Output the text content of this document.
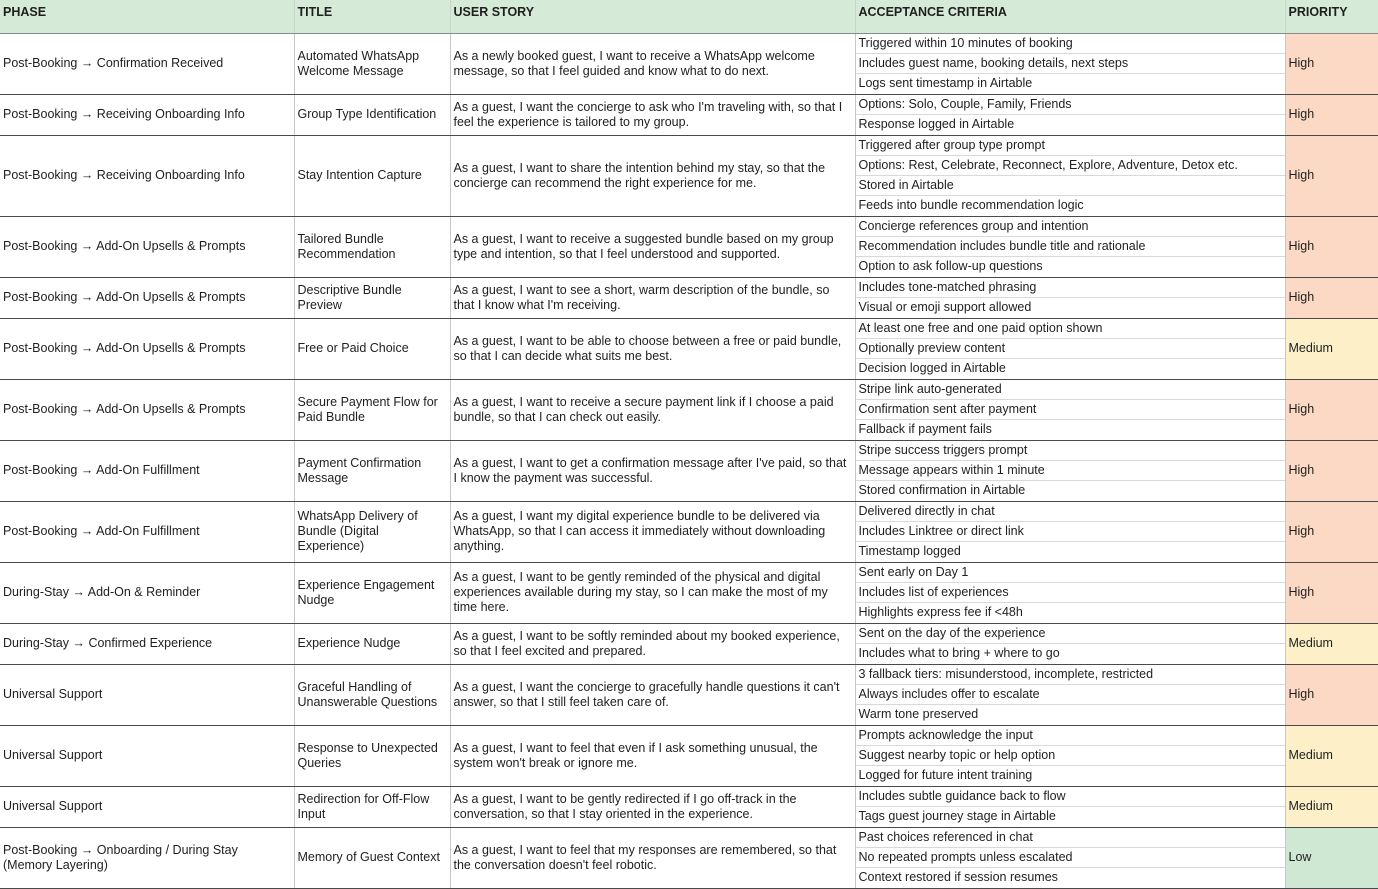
PHASE	TITLE	USER STORY	ACCEPTANCE CRITERIA	PRIORITY
Post-Booking → Confirmation Received	Automated WhatsApp Welcome Message	As a newly booked guest, I want to receive a WhatsApp welcome message, so that I feel guided and know what to do next.	Triggered within 10 minutes of booking
Includes guest name, booking details, next steps
Logs sent timestamp in Airtable	High
Post-Booking → Receiving Onboarding Info	Group Type Identification	As a guest, I want the concierge to ask who I'm traveling with, so that I feel the experience is tailored to my group.	Options: Solo, Couple, Family, Friends
Response logged in Airtable	High
Post-Booking → Receiving Onboarding Info	Stay Intention Capture	As a guest, I want to share the intention behind my stay, so that the concierge can recommend the right experience for me.	Triggered after group type prompt
Options: Rest, Celebrate, Reconnect, Explore, Adventure, Detox etc.
Stored in Airtable
Feeds into bundle recommendation logic	High
Post-Booking → Add-On Upsells & Prompts	Tailored Bundle Recommendation	As a guest, I want to receive a suggested bundle based on my group type and intention, so that I feel understood and supported.	Concierge references group and intention
Recommendation includes bundle title and rationale
Option to ask follow-up questions	High
Post-Booking → Add-On Upsells & Prompts	Descriptive Bundle Preview	As a guest, I want to see a short, warm description of the bundle, so that I know what I'm receiving.	Includes tone-matched phrasing
Visual or emoji support allowed	High
Post-Booking → Add-On Upsells & Prompts	Free or Paid Choice	As a guest, I want to be able to choose between a free or paid bundle, so that I can decide what suits me best.	At least one free and one paid option shown
Optionally preview content
Decision logged in Airtable	Medium
Post-Booking → Add-On Upsells & Prompts	Secure Payment Flow for Paid Bundle	As a guest, I want to receive a secure payment link if I choose a paid bundle, so that I can check out easily.	Stripe link auto-generated
Confirmation sent after payment
Fallback if payment fails	High
Post-Booking → Add-On Fulfillment	Payment Confirmation Message	As a guest, I want to get a confirmation message after I've paid, so that I know the payment was successful.	Stripe success triggers prompt
Message appears within 1 minute
Stored confirmation in Airtable	High
Post-Booking → Add-On Fulfillment	WhatsApp Delivery of Bundle (Digital Experience)	As a guest, I want my digital experience bundle to be delivered via WhatsApp, so that I can access it immediately without downloading anything.	Delivered directly in chat
Includes Linktree or direct link
Timestamp logged	High
During-Stay → Add-On & Reminder	Experience Engagement Nudge	As a guest, I want to be gently reminded of the physical and digital experiences available during my stay, so I can make the most of my time here.	Sent early on Day 1
Includes list of experiences
Highlights express fee if <48h	High
During-Stay → Confirmed Experience	Experience Nudge	As a guest, I want to be softly reminded about my booked experience, so that I feel excited and prepared.	Sent on the day of the experience
Includes what to bring + where to go	Medium
Universal Support	Graceful Handling of Unanswerable Questions	As a guest, I want the concierge to gracefully handle questions it can't answer, so that I still feel taken care of.	3 fallback tiers: misunderstood, incomplete, restricted
Always includes offer to escalate
Warm tone preserved	High
Universal Support	Response to Unexpected Queries	As a guest, I want to feel that even if I ask something unusual, the system won't break or ignore me.	Prompts acknowledge the input
Suggest nearby topic or help option
Logged for future intent training	Medium
Universal Support	Redirection for Off-Flow Input	As a guest, I want to be gently redirected if I go off-track in the conversation, so that I stay oriented in the experience.	Includes subtle guidance back to flow
Tags guest journey stage in Airtable	Medium
Post-Booking → Onboarding / During Stay (Memory Layering)	Memory of Guest Context	As a guest, I want to feel that my responses are remembered, so that the conversation doesn't feel robotic.	Past choices referenced in chat
No repeated prompts unless escalated
Context restored if session resumes	Low
